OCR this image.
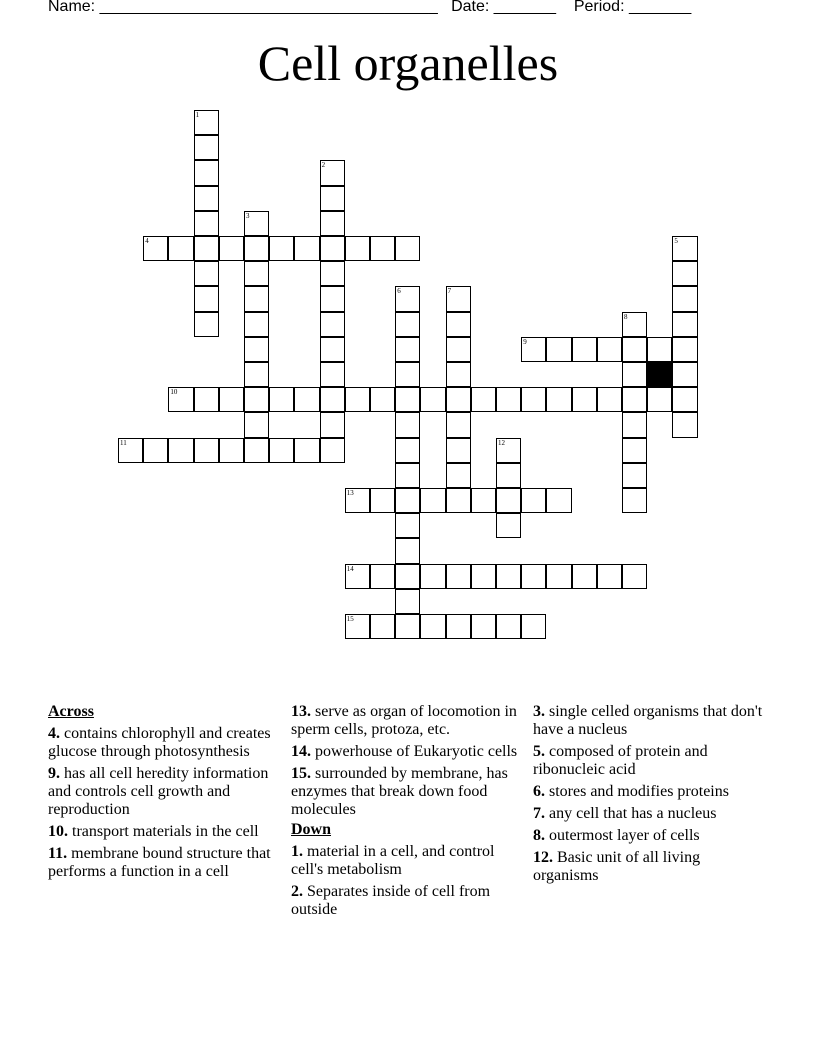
Name: ______________________________________ Date: _______ Period: _______
Cell organelles
1
2
3
4	5
6	7
8
9
10
11	12
13
14
15
Across
4. contains chlorophyll and creates glucose through photosynthesis
9. has all cell heredity information and controls cell growth and reproduction
10. transport materials in the cell
11. membrane bound structure that performs a function in a cell
13. serve as organ of locomotion in sperm cells, protoza, etc.
14. powerhouse of Eukaryotic cells
15. surrounded by membrane, has enzymes that break down food molecules
Down
1. material in a cell, and control cell's metabolism
2. Separates inside of cell from outside
3. single celled organisms that don't have a nucleus
5. composed of protein and ribonucleic acid
6. stores and modifies proteins
7. any cell that has a nucleus
8. outermost layer of cells
12. Basic unit of all living organisms
